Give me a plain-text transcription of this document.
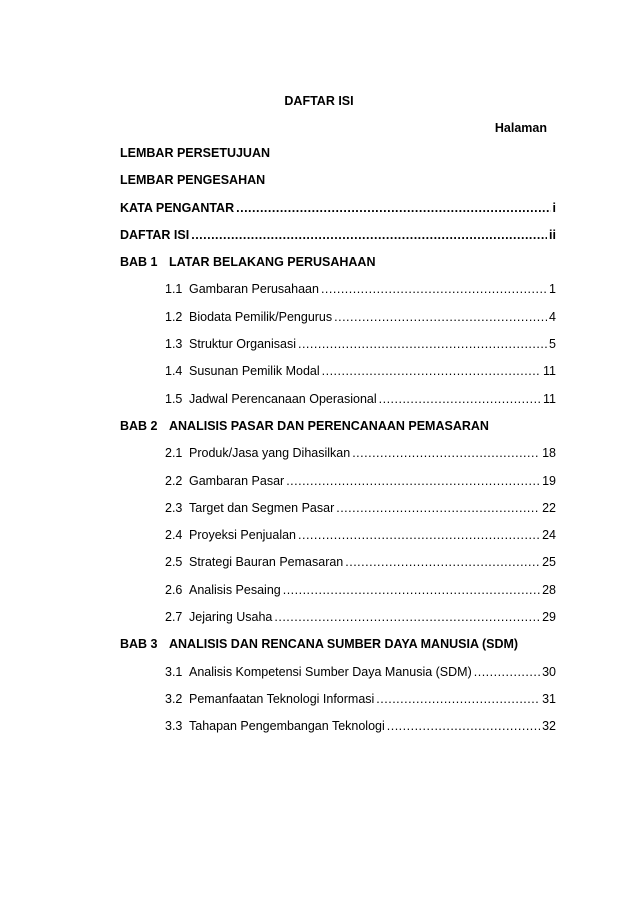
DAFTAR ISI
Halaman
LEMBAR PERSETUJUAN
LEMBAR PENGESAHAN
KATA PENGANTAR .....	i
DAFTAR ISI .....	ii
BAB 1 LATAR BELAKANG PERUSAHAAN
1.1 Gambaran Perusahaan .....	1
1.2 Biodata Pemilik/Pengurus .....	4
1.3 Struktur Organisasi .....	5
1.4 Susunan Pemilik Modal .....	11
1.5 Jadwal Perencanaan Operasional .....	11
BAB 2 ANALISIS PASAR DAN PERENCANAAN PEMASARAN
2.1 Produk/Jasa yang Dihasilkan .....	18
2.2 Gambaran Pasar .....	19
2.3 Target dan Segmen Pasar .....	22
2.4 Proyeksi Penjualan .....	24
2.5 Strategi Bauran Pemasaran .....	25
2.6 Analisis Pesaing .....	28
2.7 Jejaring Usaha .....	29
BAB 3 ANALISIS DAN RENCANA SUMBER DAYA MANUSIA (SDM)
3.1 Analisis Kompetensi Sumber Daya Manusia (SDM) .....	30
3.2 Pemanfaatan Teknologi Informasi .....	31
3.3 Tahapan Pengembangan Teknologi .....	32
